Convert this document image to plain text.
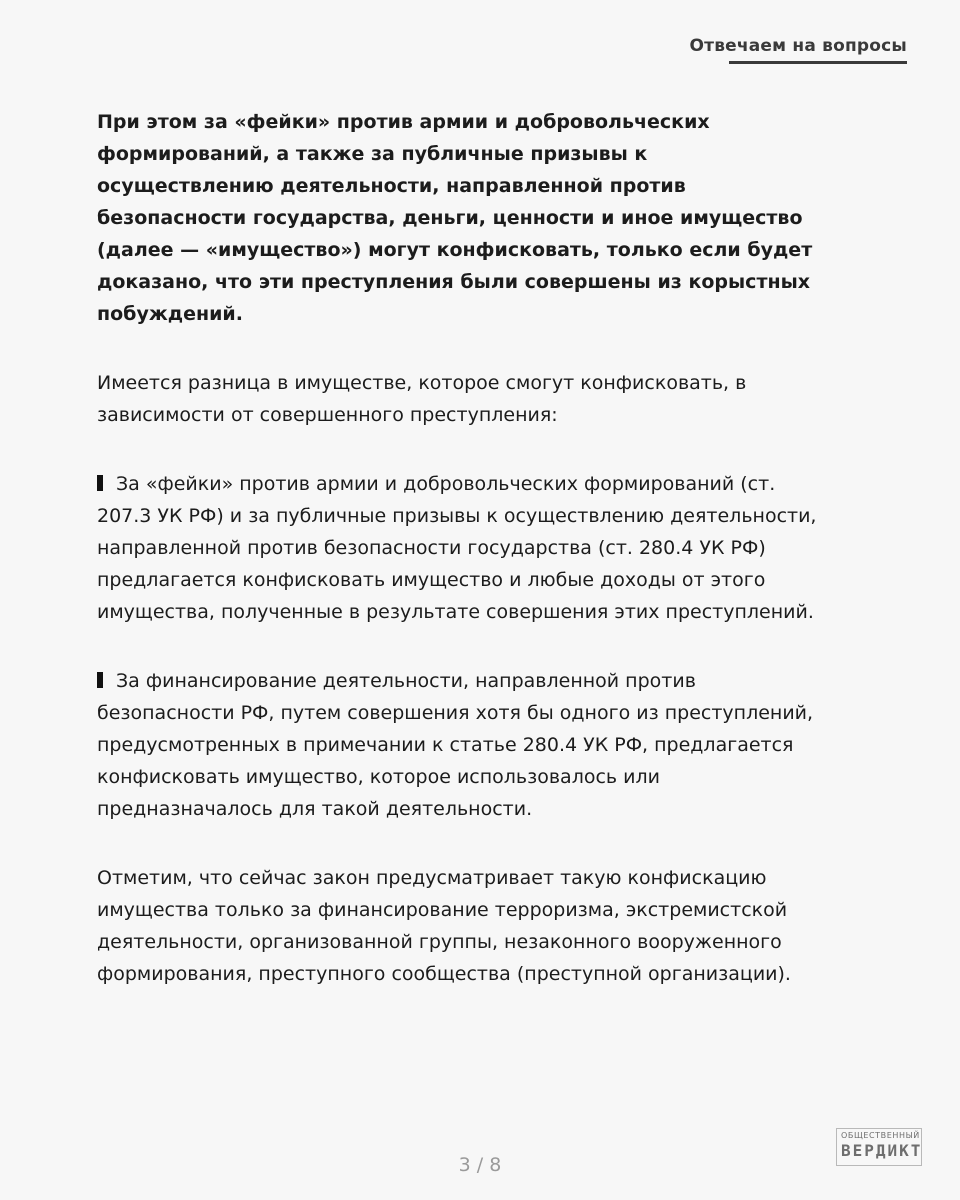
Отвечаем на вопросы

При этом за «фейки» против армии и добровольческих формирований, а также за публичные призывы к осуществлению деятельности, направленной против безопасности государства, деньги, ценности и иное имущество (далее — «имущество») могут конфисковать, только если будет доказано, что эти преступления были совершены из корыстных побуждений.

Имеется разница в имуществе, которое смогут конфисковать, в зависимости от совершенного преступления:

За «фейки» против армии и добровольческих формирований (ст. 207.3 УК РФ) и за публичные призывы к осуществлению деятельности, направленной против безопасности государства (ст. 280.4 УК РФ) предлагается конфисковать имущество и любые доходы от этого имущества, полученные в результате совершения этих преступлений.

За финансирование деятельности, направленной против безопасности РФ, путем совершения хотя бы одного из преступлений, предусмотренных в примечании к статье 280.4 УК РФ, предлагается конфисковать имущество, которое использовалось или предназначалось для такой деятельности.

Отметим, что сейчас закон предусматривает такую конфискацию имущества только за финансирование терроризма, экстремистской деятельности, организованной группы, незаконного вооруженного формирования, преступного сообщества (преступной организации).

3 / 8
ОБЩЕСТВЕННЫЙ
ВЕРДИКТ
